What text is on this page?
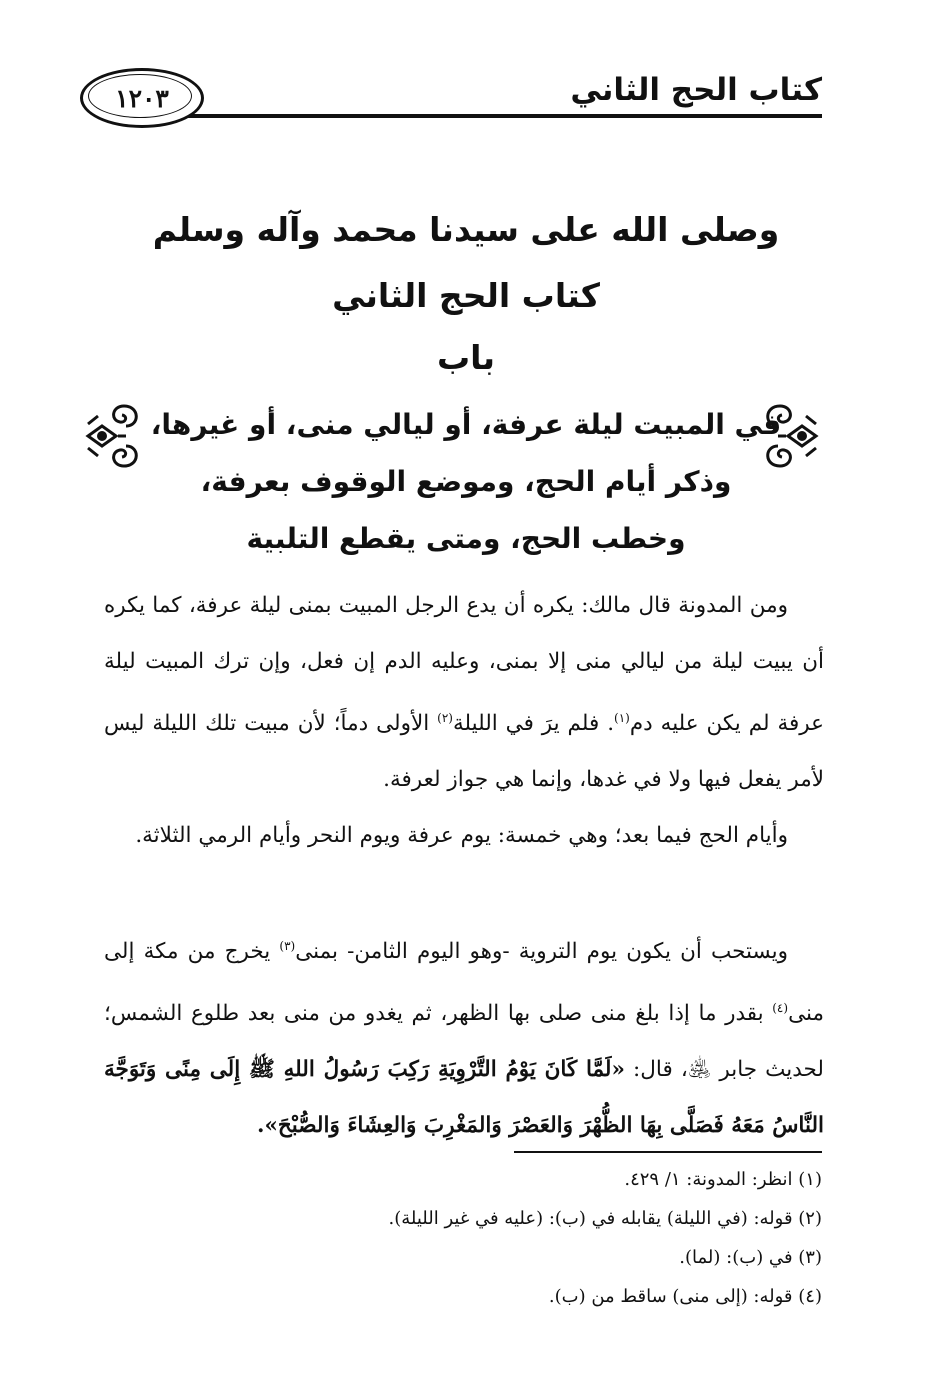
كتاب الحج الثاني
١٢٠٣
وصلى الله على سيدنا محمد وآله وسلم
كتاب الحج الثاني
باب
في المبيت ليلة عرفة، أو ليالي منى، أو غيرها،
وذكر أيام الحج، وموضع الوقوف بعرفة،
وخطب الحج، ومتى يقطع التلبية

ومن المدونة قال مالك: يكره أن يدع الرجل المبيت بمنى ليلة عرفة، كما يكره أن يبيت ليلة من ليالي منى إلا بمنى، وعليه الدم إن فعل، وإن ترك المبيت ليلة عرفة لم يكن عليه دم$^{(١)}$. فلم يرَ في الليلة$^{(٢)}$ الأولى دماً؛ لأن مبيت تلك الليلة ليس لأمر يفعل فيها ولا في غدها، وإنما هي جواز لعرفة.

وأيام الحج فيما بعد؛ وهي خمسة: يوم عرفة ويوم النحر وأيام الرمي الثلاثة.

ويستحب أن يكون يوم التروية -وهو اليوم الثامن- بمنى$^{(٣)}$ يخرج من مكة إلى منى$^{(٤)}$ بقدر ما إذا بلغ منى صلى بها الظهر، ثم يغدو من منى بعد طلوع الشمس؛ لحديث جابر ﵁، قال: «لَمَّا كَانَ يَوْمُ التَّرْوِيَةِ رَكِبَ رَسُولُ اللهِ ﷺ إِلَى مِنًى وَتَوَجَّهَ النَّاسُ مَعَهُ فَصَلَّى بِهَا الظُّهْرَ وَالعَصْرَ وَالمَغْرِبَ وَالعِشَاءَ وَالصُّبْحَ».

(١) انظر: المدونة: ١/ ٤٢٩.

(٢) قوله: (في الليلة) يقابله في (ب): (عليه في غير الليلة).

(٣) في (ب): (لما).

(٤) قوله: (إلى منى) ساقط من (ب).
